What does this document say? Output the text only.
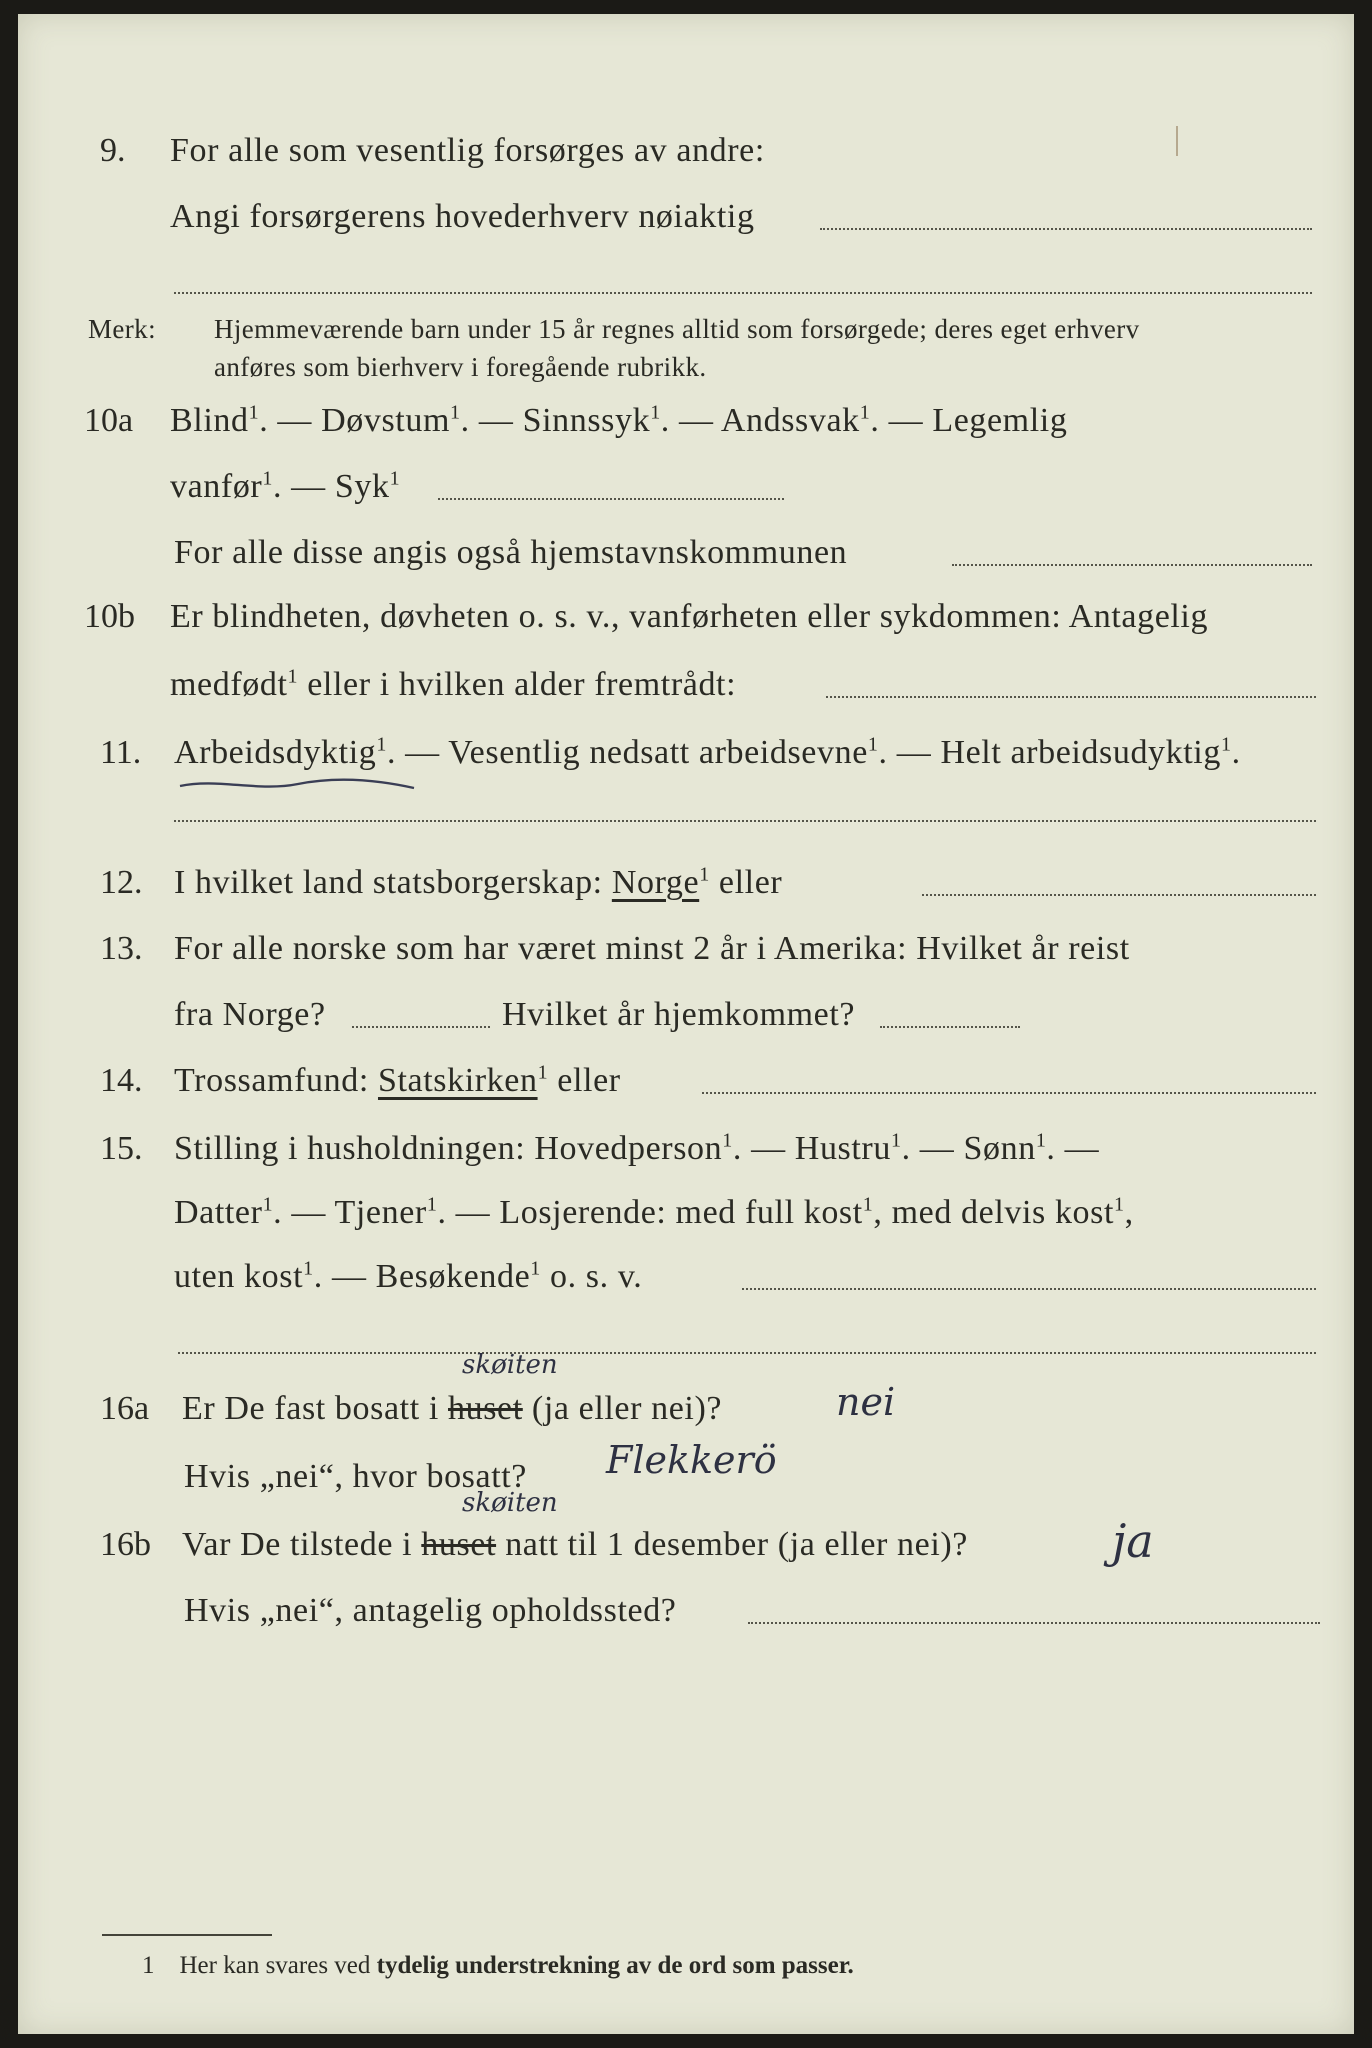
9. For alle som vesentlig forsørges av andre:
Angi forsørgerens hovederhverv nøiaktig
Merk: Hjemmeværende barn under 15 år regnes alltid som forsørgede; deres eget erhverv
anføres som bierhverv i foregående rubrikk.
10a Blind$^1$. — Døvstum$^1$. — Sinnssyk$^1$. — Andssvak$^1$. — Legemlig
vanfør$^1$. — Syk$^1$
For alle disse angis også hjemstavnskommunen
10b Er blindheten, døvheten o. s. v., vanførheten eller sykdommen: Antagelig
medfødt$^1$ eller i hvilken alder fremtrådt:
11. Arbeidsdyktig$^1$. — Vesentlig nedsatt arbeidsevne$^1$. — Helt arbeidsudyktig$^1$.
12. I hvilket land statsborgerskap: Norge$^1$ eller
13. For alle norske som har været minst 2 år i Amerika: Hvilket år reist
fra Norge?	Hvilket år hjemkommet?
14. Trossamfund: Statskirken$^1$ eller
15. Stilling i husholdningen: Hovedperson$^1$. — Hustru$^1$. — Sønn$^1$. —
Datter$^1$. — Tjener$^1$. — Losjerende: med full kost$^1$, med delvis kost$^1$,
uten kost$^1$. — Besøkende$^1$ o. s. v.
skøiten
16a Er De fast bosatt i huset (ja eller nei)?	nei
Hvis „nei“, hvor bosatt? Flekkerö
skøiten
16b Var De tilstede i huset natt til 1 desember (ja eller nei)?	ja
Hvis „nei“, antagelig opholdssted?
1 Her kan svares ved tydelig understrekning av de ord som passer.
